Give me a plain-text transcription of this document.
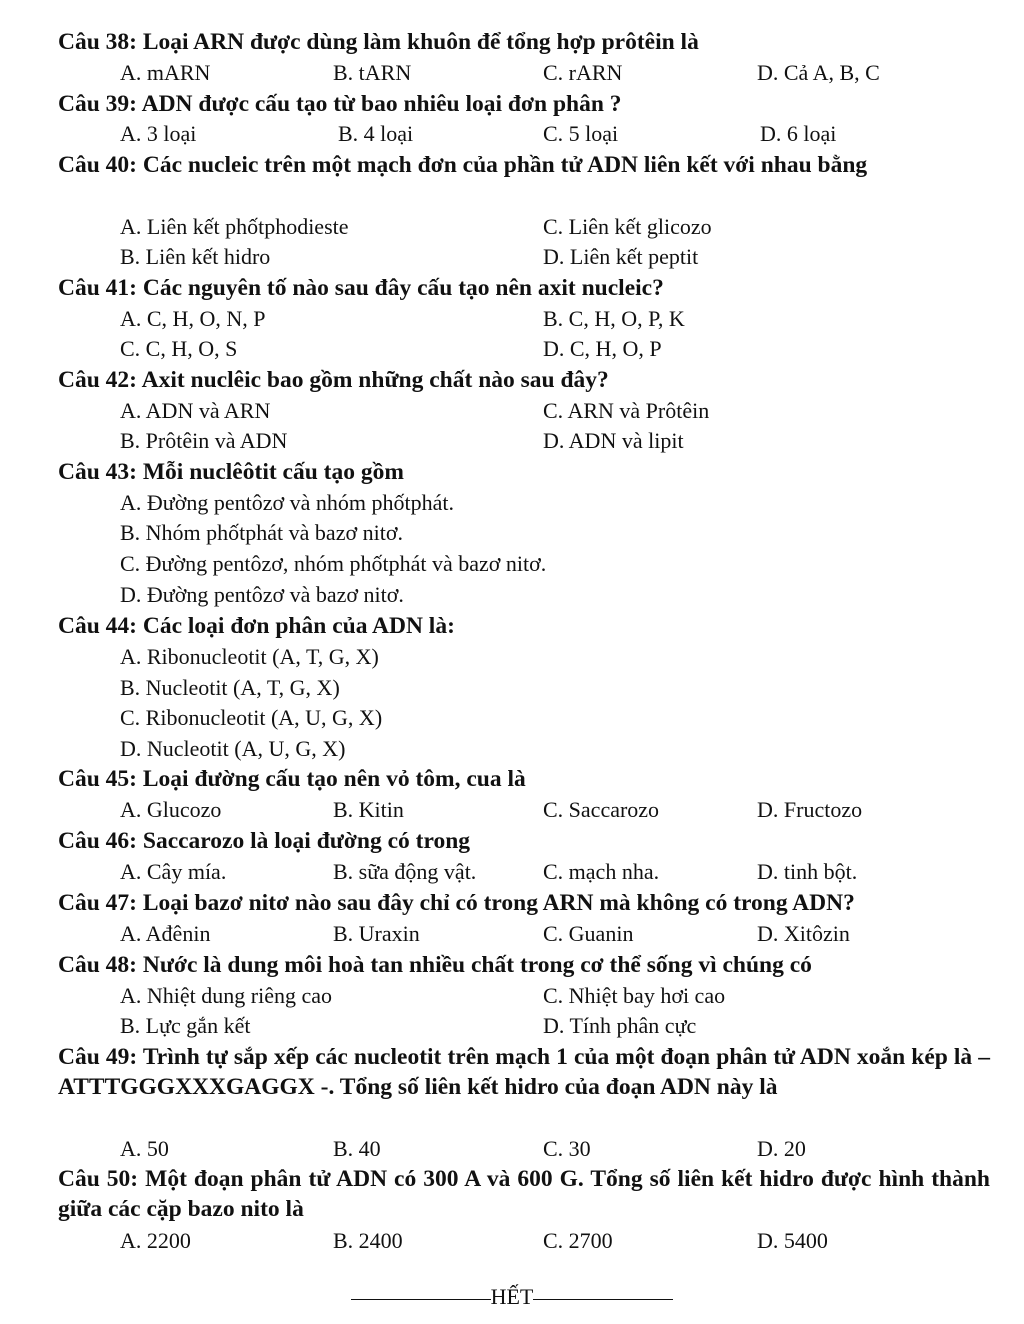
Câu 38: Loại ARN được dùng làm khuôn để tổng hợp prôtêin là
A. mARN	B. tARN	C. rARN	D. Cả A, B, C
Câu 39: ADN được cấu tạo từ bao nhiêu loại đơn phân ?
A. 3 loại	B. 4 loại	C. 5 loại	D. 6 loại
Câu 40: Các nucleic trên một mạch đơn của phần tử ADN liên kết với nhau bằng
A. Liên kết phốtphodieste	C. Liên kết glicozo
B. Liên kết hidro	D. Liên kết peptit
Câu 41: Các nguyên tố nào sau đây cấu tạo nên axit nucleic?
A. C, H, O, N, P	B. C, H, O, P, K
C. C, H, O, S	D. C, H, O, P
Câu 42: Axit nuclêic bao gồm những chất nào sau đây?
A. ADN và ARN	C. ARN và Prôtêin
B. Prôtêin và ADN	D. ADN và lipit
Câu 43: Mỗi nuclêôtit cấu tạo gồm
A. Đường pentôzơ và nhóm phốtphát.
B. Nhóm phốtphát và bazơ nitơ.
C. Đường pentôzơ, nhóm phốtphát và bazơ nitơ.
D. Đường pentôzơ và bazơ nitơ.
Câu 44: Các loại đơn phân của ADN là:
A. Ribonucleotit (A, T, G, X)
B. Nucleotit (A, T, G, X)
C. Ribonucleotit (A, U, G, X)
D. Nucleotit (A, U, G, X)
Câu 45: Loại đường cấu tạo nên vỏ tôm, cua là
A. Glucozo	B. Kitin	C. Saccarozo	D. Fructozo
Câu 46: Saccarozo là loại đường có trong
A. Cây mía.	B. sữa động vật.	C. mạch nha.	D. tinh bột.
Câu 47: Loại bazơ nitơ nào sau đây chỉ có trong ARN mà không có trong ADN?
A. Ađênin	B. Uraxin	C. Guanin	D. Xitôzin
Câu 48: Nước là dung môi hoà tan nhiều chất trong cơ thể sống vì chúng có
A. Nhiệt dung riêng cao	C. Nhiệt bay hơi cao
B. Lực gắn kết	D. Tính phân cực
Câu 49: Trình tự sắp xếp các nucleotit trên mạch 1 của một đoạn phân tử ADN xoắn kép là – ATTTGGGXXXGAGGX -. Tổng số liên kết hidro của đoạn ADN này là
A. 50	B. 40	C. 30	D. 20
Câu 50: Một đoạn phân tử ADN có 300 A và 600 G. Tổng số liên kết hidro được hình thành giữa các cặp bazo nito là
A. 2200	B. 2400	C. 2700	D. 5400
HẾT
